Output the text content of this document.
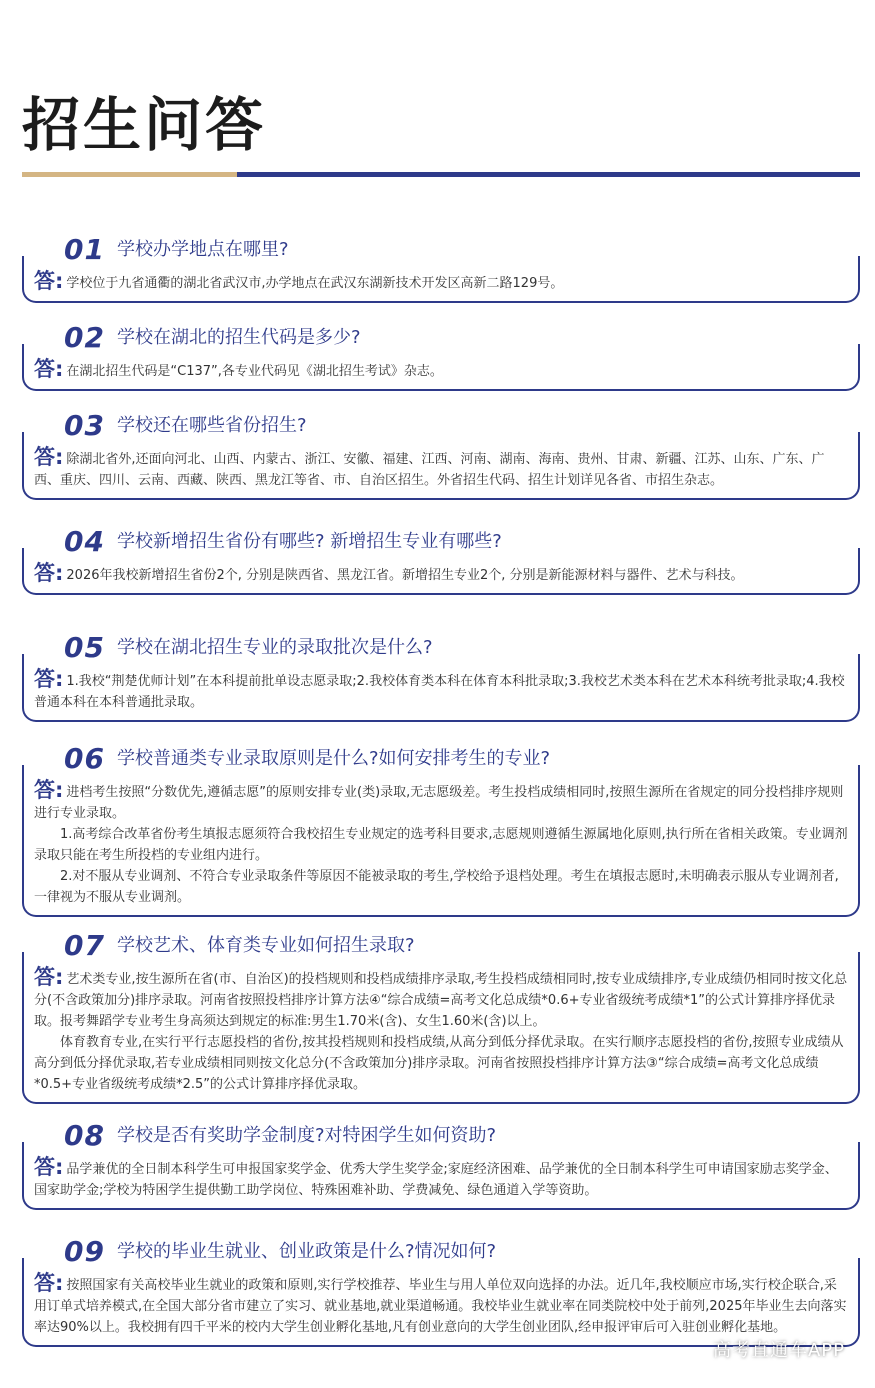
招生问答
01 学校办学地点在哪里?
答: 学校位于九省通衢的湖北省武汉市,办学地点在武汉东湖新技术开发区高新二路129号。
02 学校在湖北的招生代码是多少?
答: 在湖北招生代码是“C137”,各专业代码见《湖北招生考试》杂志。
03 学校还在哪些省份招生?
答: 除湖北省外,还面向河北、山西、内蒙古、浙江、安徽、福建、江西、河南、湖南、海南、贵州、甘肃、新疆、江苏、山东、广东、广西、重庆、四川、云南、西藏、陕西、黑龙江等省、市、自治区招生。外省招生代码、招生计划详见各省、市招生杂志。
04 学校新增招生省份有哪些? 新增招生专业有哪些?
答: 2026年我校新增招生省份2个, 分别是陕西省、黑龙江省。新增招生专业2个, 分别是新能源材料与器件、艺术与科技。
05 学校在湖北招生专业的录取批次是什么?
答: 1.我校“荆楚优师计划”在本科提前批单设志愿录取;2.我校体育类本科在体育本科批录取;3.我校艺术类本科在艺术本科统考批录取;4.我校普通本科在本科普通批录取。
06 学校普通类专业录取原则是什么?如何安排考生的专业?
答: 进档考生按照“分数优先,遵循志愿”的原则安排专业(类)录取,无志愿级差。考生投档成绩相同时,按照生源所在省规定的同分投档排序规则进行专业录取。
1.高考综合改革省份考生填报志愿须符合我校招生专业规定的选考科目要求,志愿规则遵循生源属地化原则,执行所在省相关政策。专业调剂录取只能在考生所投档的专业组内进行。
2.对不服从专业调剂、不符合专业录取条件等原因不能被录取的考生,学校给予退档处理。考生在填报志愿时,未明确表示服从专业调剂者,一律视为不服从专业调剂。
07 学校艺术、体育类专业如何招生录取?
答: 艺术类专业,按生源所在省(市、自治区)的投档规则和投档成绩排序录取,考生投档成绩相同时,按专业成绩排序,专业成绩仍相同时按文化总分(不含政策加分)排序录取。河南省按照投档排序计算方法④“综合成绩=高考文化总成绩*0.6+专业省级统考成绩*1”的公式计算排序择优录取。报考舞蹈学专业考生身高须达到规定的标准:男生1.70米(含)、女生1.60米(含)以上。
体育教育专业,在实行平行志愿投档的省份,按其投档规则和投档成绩,从高分到低分择优录取。在实行顺序志愿投档的省份,按照专业成绩从高分到低分择优录取,若专业成绩相同则按文化总分(不含政策加分)排序录取。河南省按照投档排序计算方法③“综合成绩=高考文化总成绩*0.5+专业省级统考成绩*2.5”的公式计算排序择优录取。
08 学校是否有奖助学金制度?对特困学生如何资助?
答: 品学兼优的全日制本科学生可申报国家奖学金、优秀大学生奖学金;家庭经济困难、品学兼优的全日制本科学生可申请国家励志奖学金、国家助学金;学校为特困学生提供勤工助学岗位、特殊困难补助、学费减免、绿色通道入学等资助。
09 学校的毕业生就业、创业政策是什么?情况如何?
答: 按照国家有关高校毕业生就业的政策和原则,实行学校推荐、毕业生与用人单位双向选择的办法。近几年,我校顺应市场,实行校企联合,采用订单式培养模式,在全国大部分省市建立了实习、就业基地,就业渠道畅通。我校毕业生就业率在同类院校中处于前列,2025年毕业生去向落实率达90%以上。我校拥有四千平米的校内大学生创业孵化基地,凡有创业意向的大学生创业团队,经申报评审后可入驻创业孵化基地。
高考直通车APP
